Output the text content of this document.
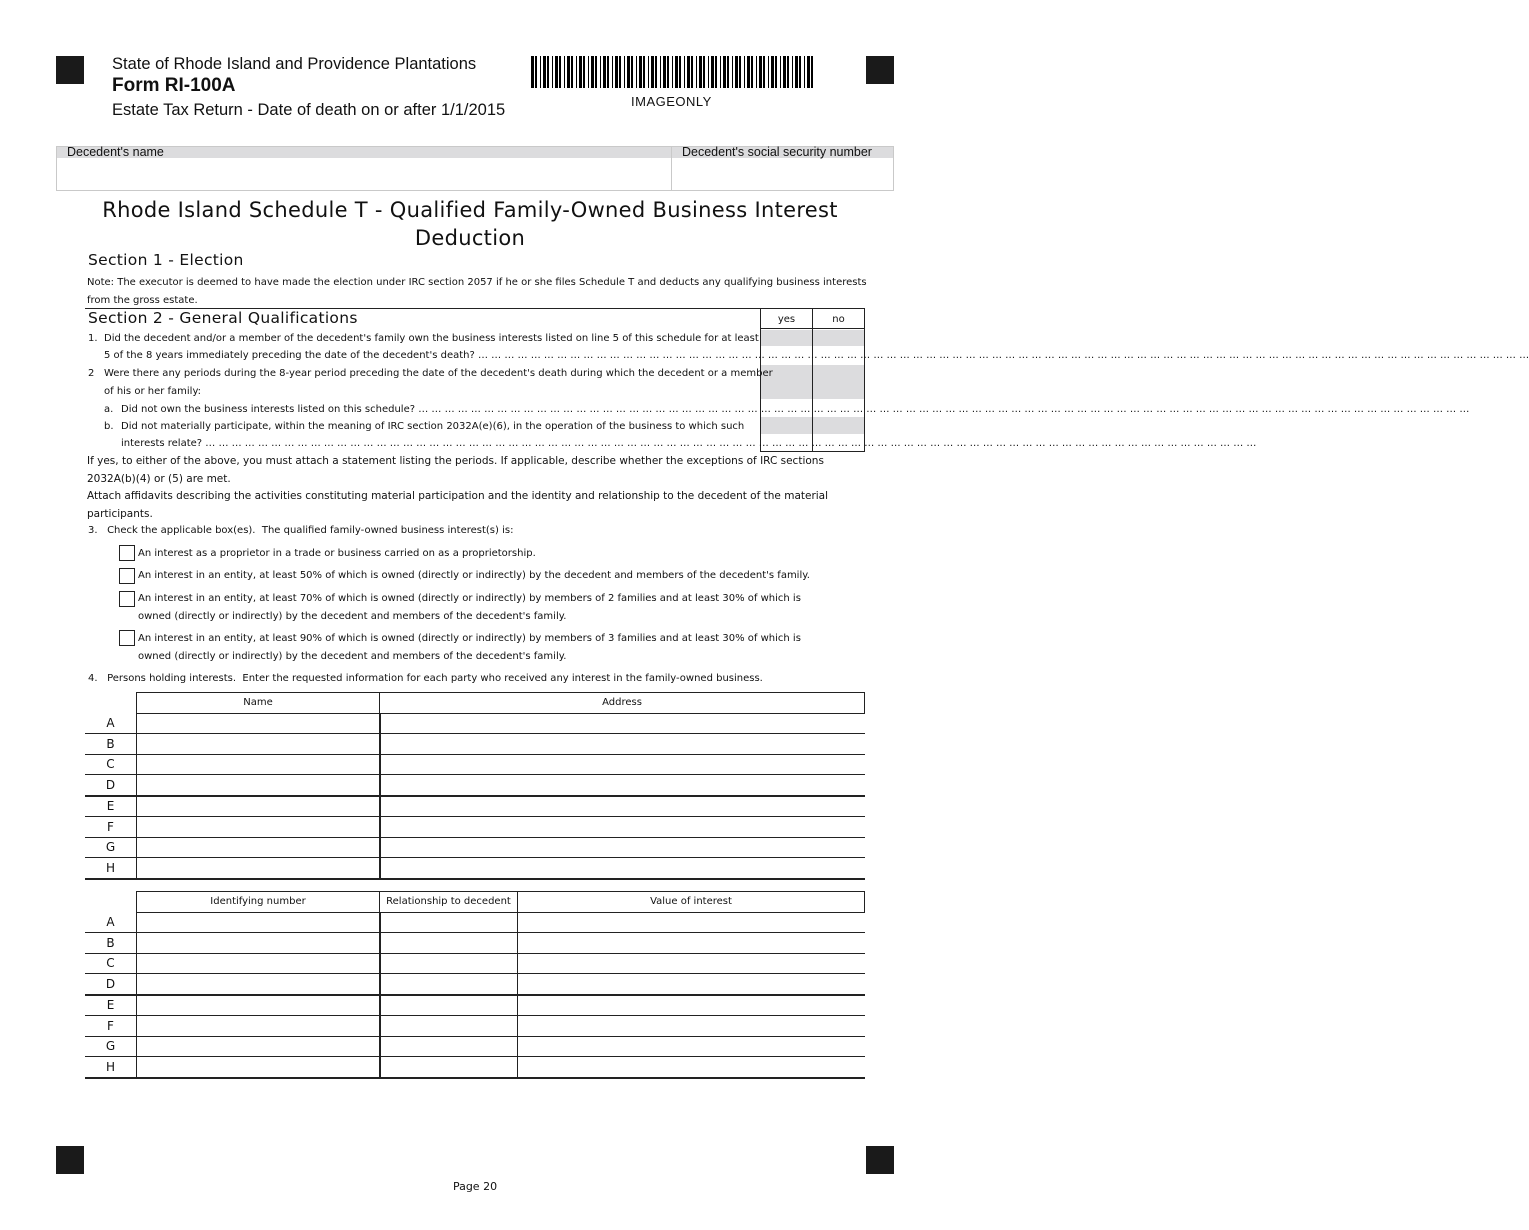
State of Rhode Island and Providence Plantations
Form RI-100A
Estate Tax Return - Date of death on or after 1/1/2015	IMAGEONLY
Decedent's name	Decedent's social security number
Rhode Island Schedule T - Qualified Family-Owned Business Interest Deduction
Section 1 - Election
Note: The executor is deemed to have made the election under IRC section 2057 if he or she files Schedule T and deducts any qualifying business interests from the gross estate.
Section 2 - General Qualifications	yes	no
1. Did the decedent and/or a member of the decedent's family own the business interests listed on line 5 of this schedule for at least
5 of the 8 years immediately preceding the date of the decedent's death? … … … … … … … … … … … … … … … … … … … … … … … … … … … … … … … … … … … … … … … … … … … … … … … … … … … … … … … … … … … … … … … … … … … … … … … … … … … … … … … …
2 Were there any periods during the 8-year period preceding the date of the decedent's death during which the decedent or a member
of his or her family:
a. Did not own the business interests listed on this schedule? … … … … … … … … … … … … … … … … … … … … … … … … … … … … … … … … … … … … … … … … … … … … … … … … … … … … … … … … … … … … … … … … … … … … … … … … … … … … … … … …
b. Did not materially participate, within the meaning of IRC section 2032A(e)(6), in the operation of the business to which such
interests relate? … … … … … … … … … … … … … … … … … … … … … … … … … … … … … … … … … … … … … … … … … … … … … … … … … … … … … … … … … … … … … … … … … … … … … … … … … … … … … … … …
If yes, to either of the above, you must attach a statement listing the periods. If applicable, describe whether the exceptions of IRC sections 2032A(b)(4) or (5) are met.
Attach affidavits describing the activities constituting material participation and the identity and relationship to the decedent of the material participants.
3.   Check the applicable box(es).  The qualified family-owned business interest(s) is:
An interest as a proprietor in a trade or business carried on as a proprietorship.
An interest in an entity, at least 50% of which is owned (directly or indirectly) by the decedent and members of the decedent's family.
An interest in an entity, at least 70% of which is owned (directly or indirectly) by members of 2 families and at least 30% of which is owned (directly or indirectly) by the decedent and members of the decedent's family.
An interest in an entity, at least 90% of which is owned (directly or indirectly) by members of 3 families and at least 30% of which is owned (directly or indirectly) by the decedent and members of the decedent's family.
4.   Persons holding interests.  Enter the requested information for each party who received any interest in the family-owned business.
	Name	Address
A		
B		
C		
D		
E		
F		
G		
H		
	Identifying number	Relationship to decedent	Value of interest
A			
B			
C			
D			
E			
F			
G			
H			
Page 20
